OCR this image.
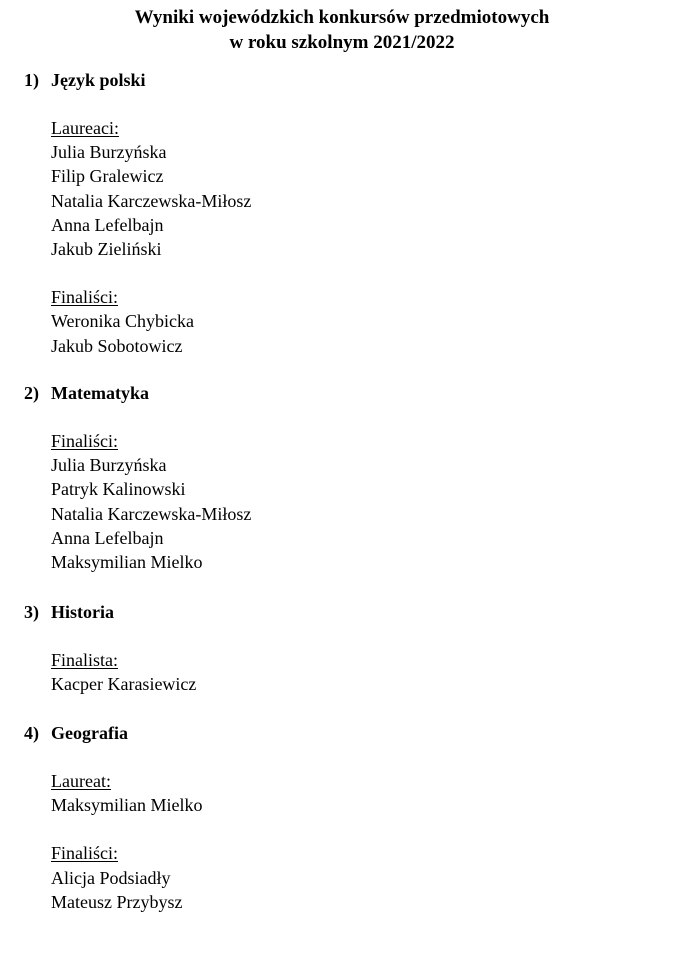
Wyniki wojewódzkich konkursów przedmiotowych
w roku szkolnym 2021/2022
1) Język polski
Laureaci:
Julia Burzyńska
Filip Gralewicz
Natalia Karczewska-Miłosz
Anna Lefelbajn
Jakub Zieliński
Finaliści:
Weronika Chybicka
Jakub Sobotowicz
2) Matematyka
Finaliści:
Julia Burzyńska
Patryk Kalinowski
Natalia Karczewska-Miłosz
Anna Lefelbajn
Maksymilian Mielko
3) Historia
Finalista:
Kacper Karasiewicz
4) Geografia
Laureat:
Maksymilian Mielko
Finaliści:
Alicja Podsiadły
Mateusz Przybysz
